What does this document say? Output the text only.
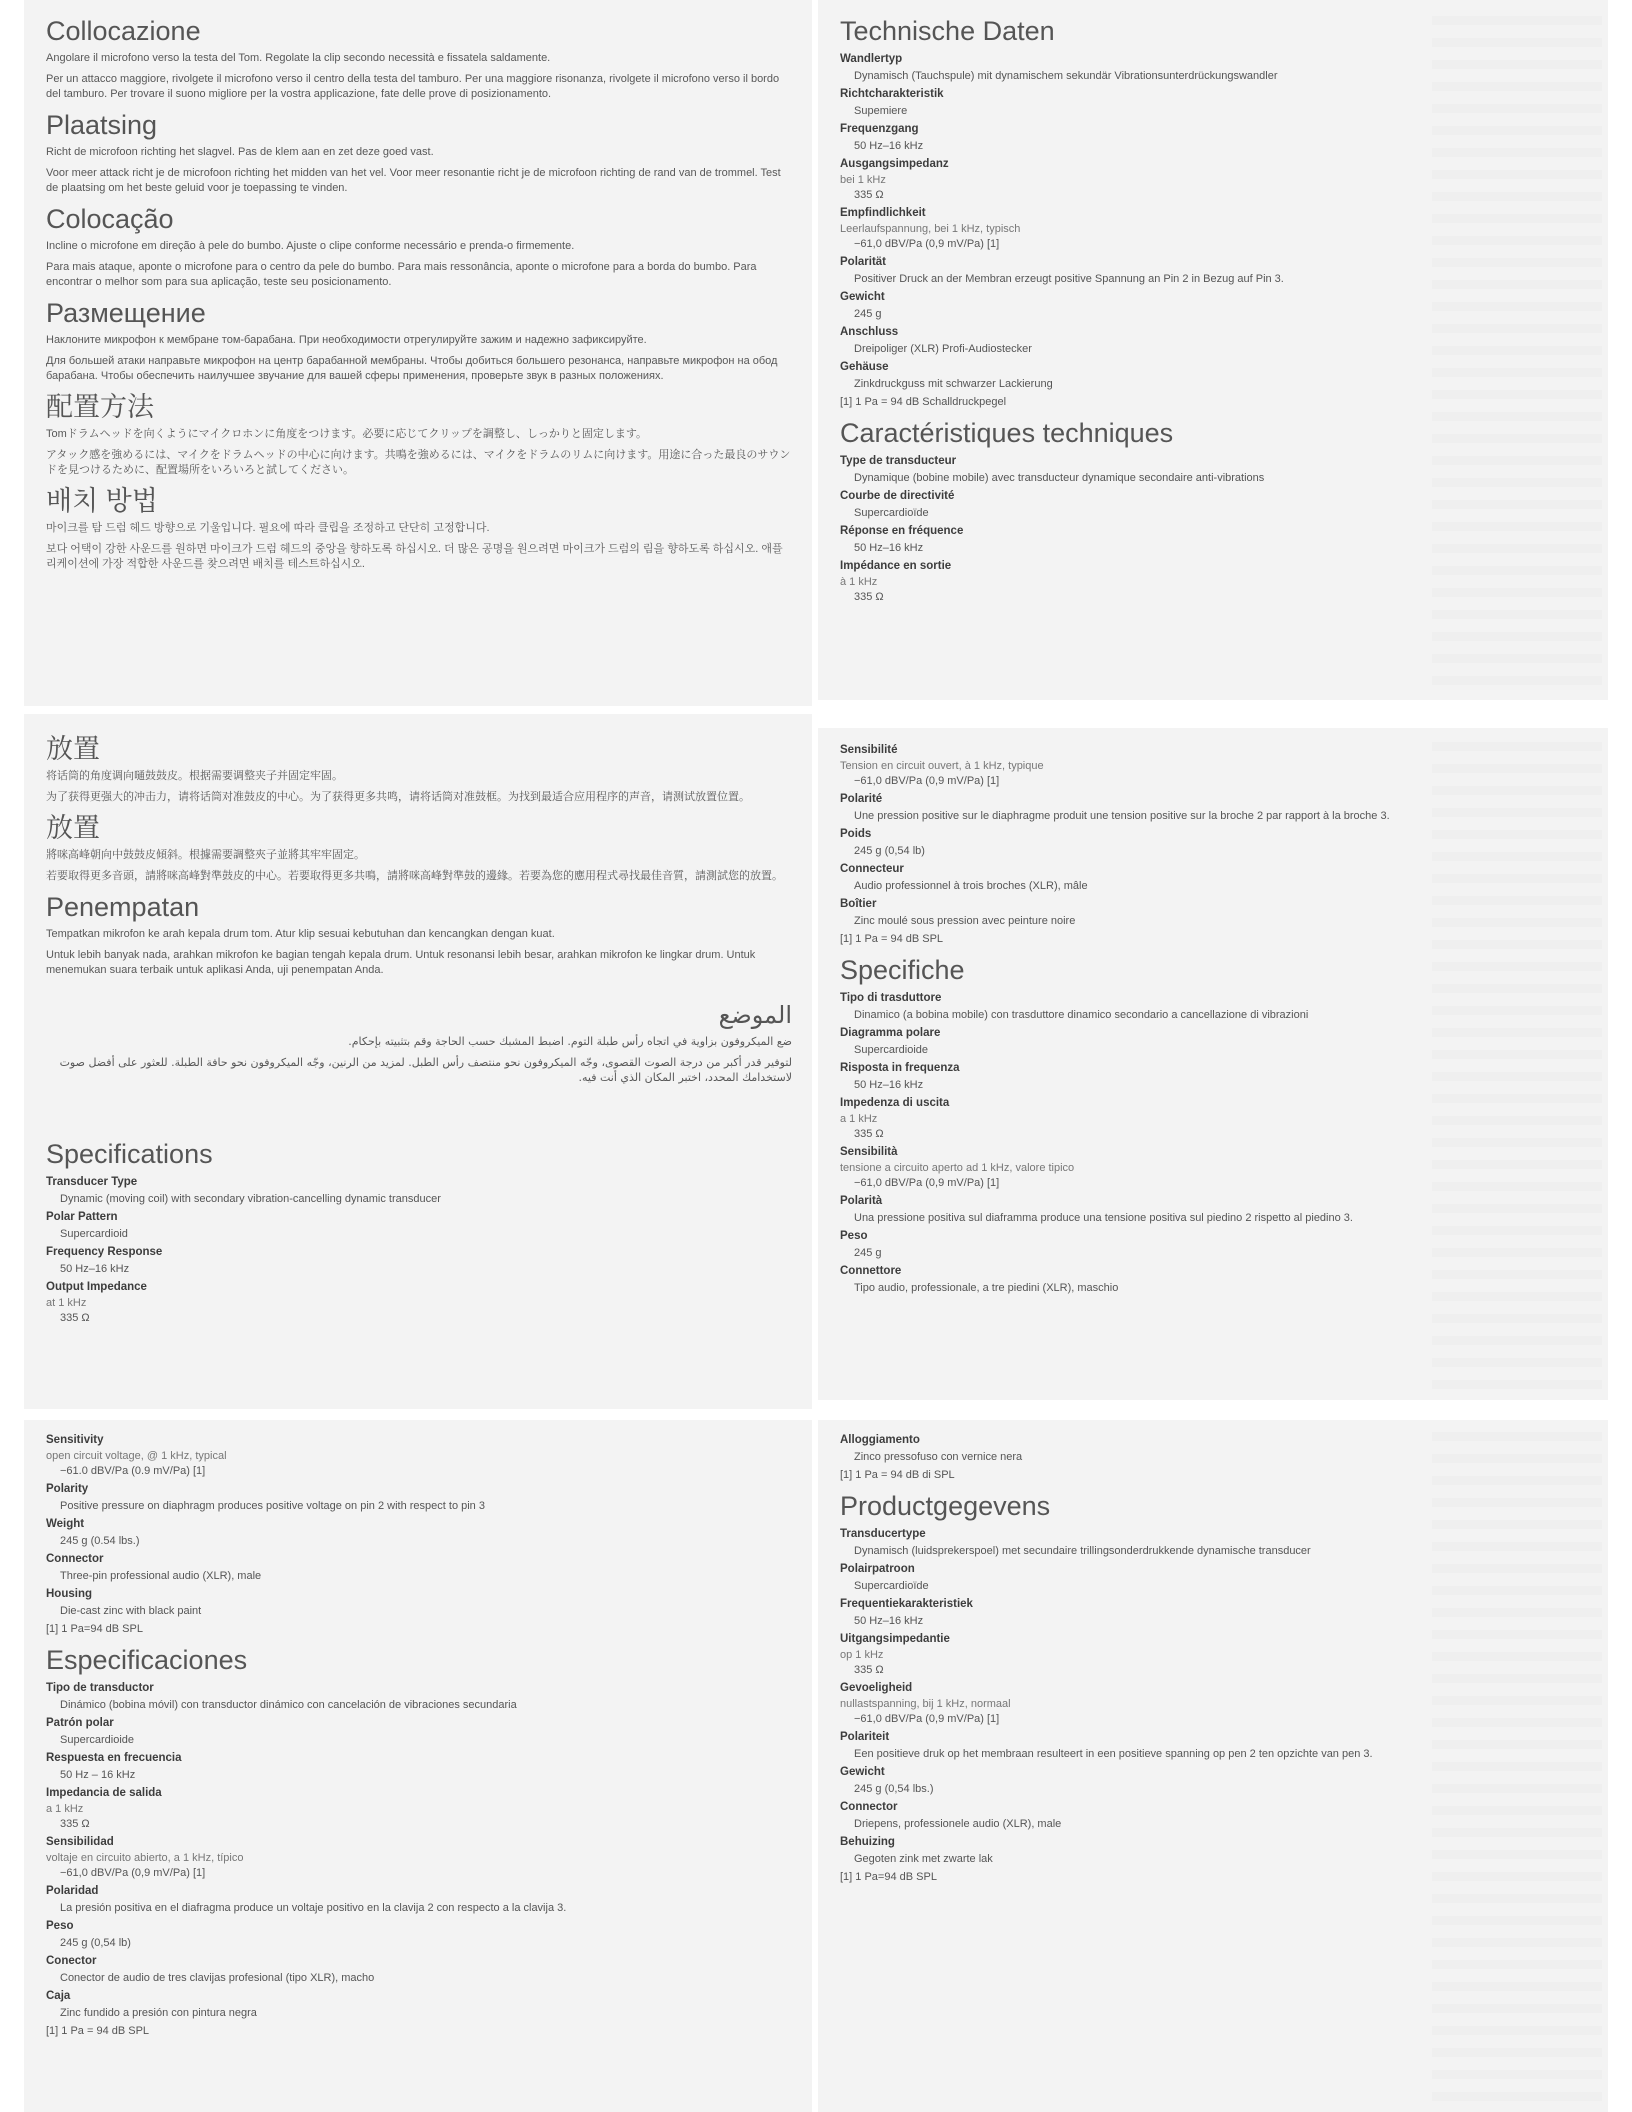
Collocazione

Angolare il microfono verso la testa del Tom. Regolate la clip secondo necessità e fissatela saldamente.

Per un attacco maggiore, rivolgete il microfono verso il centro della testa del tamburo. Per una maggiore risonanza, rivolgete il microfono verso il bordo del tamburo. Per trovare il suono migliore per la vostra applicazione, fate delle prove di posizionamento.

Plaatsing

Richt de microfoon richting het slagvel. Pas de klem aan en zet deze goed vast.

Voor meer attack richt je de microfoon richting het midden van het vel. Voor meer resonantie richt je de microfoon richting de rand van de trommel. Test de plaatsing om het beste geluid voor je toepassing te vinden.

Colocação

Incline o microfone em direção à pele do bumbo. Ajuste o clipe conforme necessário e prenda-o firmemente.

Para mais ataque, aponte o microfone para o centro da pele do bumbo. Para mais ressonância, aponte o microfone para a borda do bumbo. Para encontrar o melhor som para sua aplicação, teste seu posicionamento.

Размещение

Наклоните микрофон к мембране том-барабана. При необходимости отрегулируйте зажим и надежно зафиксируйте.

Для большей атаки направьте микрофон на центр барабанной мембраны. Чтобы добиться большего резонанса, направьте микрофон на обод барабана. Чтобы обеспечить наилучшее звучание для вашей сферы применения, проверьте звук в разных положениях.

配置方法

Tomドラムヘッドを向くようにマイクロホンに角度をつけます。必要に応じてクリップを調整し、しっかりと固定します。

アタック感を強めるには、マイクをドラムヘッドの中心に向けます。共鳴を強めるには、マイクをドラムのリムに向けます。用途に合った最良のサウンドを見つけるために、配置場所をいろいろと試してください。

배치 방법

마이크를 탐 드럼 헤드 방향으로 기울입니다. 필요에 따라 클립을 조정하고 단단히 고정합니다.

보다 어택이 강한 사운드를 원하면 마이크가 드럼 헤드의 중앙을 향하도록 하십시오. 더 많은 공명을 원으려면 마이크가 드럼의 림을 향하도록 하십시오. 애플리케이션에 가장 적합한 사운드를 찾으려면 배치를 테스트하십시오.

放置

将话筒的角度调向嗵鼓鼓皮。根据需要调整夹子并固定牢固。

为了获得更强大的冲击力，请将话筒对准鼓皮的中心。为了获得更多共鸣，请将话筒对准鼓框。为找到最适合应用程序的声音，请测试放置位置。

放置

將咪高峰朝向中鼓鼓皮傾斜。根據需要調整夾子並將其牢牢固定。

若要取得更多音頭，請將咪高峰對準鼓皮的中心。若要取得更多共鳴，請將咪高峰對準鼓的邊緣。若要為您的應用程式尋找最佳音質，請測試您的放置。

Penempatan

Tempatkan mikrofon ke arah kepala drum tom. Atur klip sesuai kebutuhan dan kencangkan dengan kuat.

Untuk lebih banyak nada, arahkan mikrofon ke bagian tengah kepala drum. Untuk resonansi lebih besar, arahkan mikrofon ke lingkar drum. Untuk menemukan suara terbaik untuk aplikasi Anda, uji penempatan Anda.

الموضع

ضع الميكروفون بزاوية في اتجاه رأس طبلة التوم. اضبط المشبك حسب الحاجة وقم بتثبيته بإحكام.

لتوفير قدر أكبر من درجة الصوت القصوى، وجّه الميكروفون نحو منتصف رأس الطبل. لمزيد من الرنين، وجّه الميكروفون نحو حافة الطبلة. للعثور على أفضل صوت لاستخدامك المحدد، اختبر المكان الذي أنت فيه.

Specifications
Transducer Type
Dynamic (moving coil) with secondary vibration-cancelling dynamic transducer
Polar Pattern
Supercardioid
Frequency Response
50 Hz–16 kHz
Output Impedance
at 1 kHz
335 Ω
Sensitivity
open circuit voltage, @ 1 kHz, typical
−61.0 dBV/Pa (0.9 mV/Pa) [1]
Polarity
Positive pressure on diaphragm produces positive voltage on pin 2 with respect to pin 3
Weight
245 g (0.54 lbs.)
Connector
Three-pin professional audio (XLR), male
Housing
Die-cast zinc with black paint

[1] 1 Pa=94 dB SPL

Especificaciones
Tipo de transductor
Dinámico (bobina móvil) con transductor dinámico con cancelación de vibraciones secundaria
Patrón polar
Supercardioide
Respuesta en frecuencia
50 Hz – 16 kHz
Impedancia de salida
a 1 kHz
335 Ω
Sensibilidad
voltaje en circuito abierto, a 1 kHz, típico
−61,0 dBV/Pa (0,9 mV/Pa) [1]
Polaridad
La presión positiva en el diafragma produce un voltaje positivo en la clavija 2 con respecto a la clavija 3.
Peso
245 g (0,54 lb)
Conector
Conector de audio de tres clavijas profesional (tipo XLR), macho
Caja
Zinc fundido a presión con pintura negra

[1] 1 Pa = 94 dB SPL

Technische Daten
Wandlertyp
Dynamisch (Tauchspule) mit dynamischem sekundär Vibrationsunterdrückungswandler
Richtcharakteristik
Supemiere
Frequenzgang
50 Hz–16 kHz
Ausgangsimpedanz
bei 1 kHz
335 Ω
Empfindlichkeit
Leerlaufspannung, bei 1 kHz, typisch
−61,0 dBV/Pa (0,9 mV/Pa) [1]
Polarität
Positiver Druck an der Membran erzeugt positive Spannung an Pin 2 in Bezug auf Pin 3.
Gewicht
245 g
Anschluss
Dreipoliger (XLR) Profi-Audiostecker
Gehäuse
Zinkdruckguss mit schwarzer Lackierung

[1] 1 Pa = 94 dB Schalldruckpegel

Caractéristiques techniques
Type de transducteur
Dynamique (bobine mobile) avec transducteur dynamique secondaire anti-vibrations
Courbe de directivité
Supercardioïde
Réponse en fréquence
50 Hz–16 kHz
Impédance en sortie
à 1 kHz
335 Ω
Sensibilité
Tension en circuit ouvert, à 1 kHz, typique
−61,0 dBV/Pa (0,9 mV/Pa) [1]
Polarité
Une pression positive sur le diaphragme produit une tension positive sur la broche 2 par rapport à la broche 3.
Poids
245 g (0,54 lb)
Connecteur
Audio professionnel à trois broches (XLR), mâle
Boîtier
Zinc moulé sous pression avec peinture noire

[1] 1 Pa = 94 dB SPL

Specifiche
Tipo di trasduttore
Dinamico (a bobina mobile) con trasduttore dinamico secondario a cancellazione di vibrazioni
Diagramma polare
Supercardioide
Risposta in frequenza
50 Hz–16 kHz
Impedenza di uscita
a 1 kHz
335 Ω
Sensibilità
tensione a circuito aperto ad 1 kHz, valore tipico
−61,0 dBV/Pa (0,9 mV/Pa) [1]
Polarità
Una pressione positiva sul diaframma produce una tensione positiva sul piedino 2 rispetto al piedino 3.
Peso
245 g
Connettore
Tipo audio, professionale, a tre piedini (XLR), maschio
Alloggiamento
Zinco pressofuso con vernice nera

[1] 1 Pa = 94 dB di SPL

Productgegevens
Transducertype
Dynamisch (luidsprekerspoel) met secundaire trillingsonderdrukkende dynamische transducer
Polairpatroon
Supercardioïde
Frequentiekarakteristiek
50 Hz–16 kHz
Uitgangsimpedantie
op 1 kHz
335 Ω
Gevoeligheid
nullastspanning, bij 1 kHz, normaal
−61,0 dBV/Pa (0,9 mV/Pa) [1]
Polariteit
Een positieve druk op het membraan resulteert in een positieve spanning op pen 2 ten opzichte van pen 3.
Gewicht
245 g (0,54 lbs.)
Connector
Driepens, professionele audio (XLR), male
Behuizing
Gegoten zink met zwarte lak

[1] 1 Pa=94 dB SPL
